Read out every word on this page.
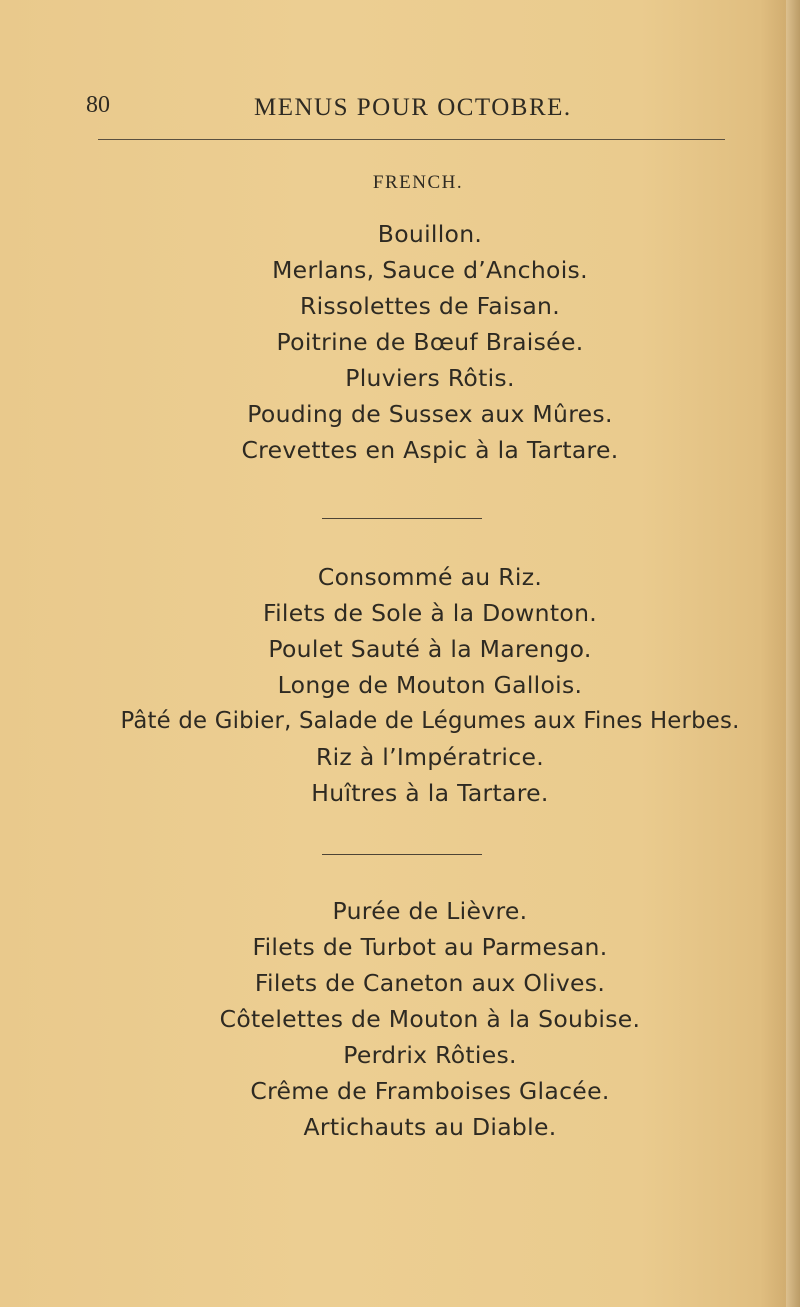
80	MENUS POUR OCTOBRE.
FRENCH.
Bouillon.
Merlans, Sauce d’Anchois.
Rissolettes de Faisan.
Poitrine de Bœuf Braisée.
Pluviers Rôtis.
Pouding de Sussex aux Mûres.
Crevettes en Aspic à la Tartare.
Consommé au Riz.
Filets de Sole à la Downton.
Poulet Sauté à la Marengo.
Longe de Mouton Gallois.
Pâté de Gibier, Salade de Légumes aux Fines Herbes.
Riz à l’Impératrice.
Huîtres à la Tartare.
Purée de Lièvre.
Filets de Turbot au Parmesan.
Filets de Caneton aux Olives.
Côtelettes de Mouton à la Soubise.
Perdrix Rôties.
Crême de Framboises Glacée.
Artichauts au Diable.
